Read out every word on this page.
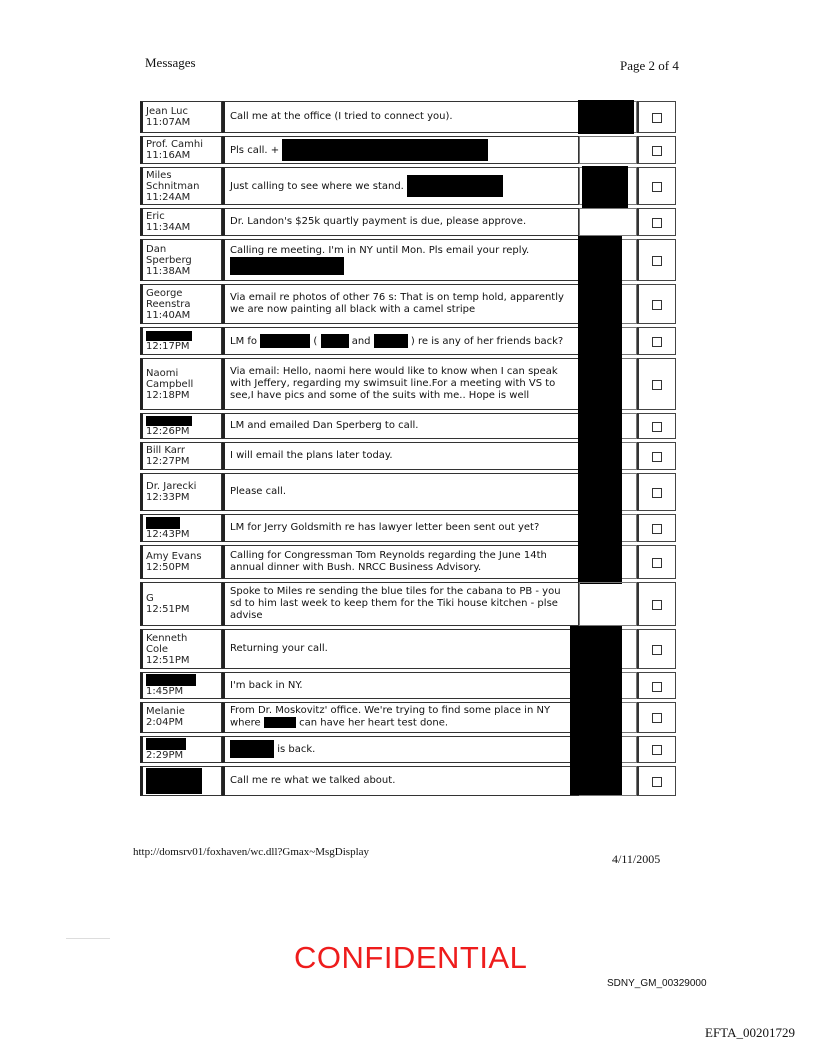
Messages	Page 2 of 4
Jean Luc
11:07AM	Call me at the office (I tried to connect you).	

Prof. Camhi
11:16AM	Pls call. +		

Miles
Schnitman
11:24AM	Just calling to see where we stand.	

Eric
11:34AM	Dr. Landon's $25k quartly payment is due, please approve.		

Dan
Sperberg
11:38AM	Calling re meeting. I'm in NY until Mon. Pls email your reply.

George
Reenstra
11:40AM	Via email re photos of other 76 s: That is on temp hold, apparently we are now painting all black with a camel stripe	

12:17PM	LM fo ( and ) re is any of her friends back?	

Naomi
Campbell
12:18PM	Via email: Hello, naomi here would like to know when I can speak with Jeffery, regarding my swimsuit line.For a meeting with VS to see,I have pics and some of the suits with me.. Hope is well	

12:26PM	LM and emailed Dan Sperberg to call.	

Bill Karr
12:27PM	I will email the plans later today.	

Dr. Jarecki
12:33PM	Please call.	

12:43PM	LM for Jerry Goldsmith re has lawyer letter been sent out yet?	

Amy Evans
12:50PM	Calling for Congressman Tom Reynolds regarding the June 14th annual dinner with Bush. NRCC Business Advisory.	

G
12:51PM	Spoke to Miles re sending the blue tiles for the cabana to PB - you sd to him last week to keep them for the Tiki house kitchen - plse advise		

Kenneth
Cole
12:51PM	Returning your call.	

1:45PM	I'm back in NY.	

Melanie
2:04PM	From Dr. Moskovitz' office. We're trying to find some place in NY where can have her heart test done.	

2:29PM	is back.	

	Call me re what we talked about.	

http://domsrv01/foxhaven/wc.dll?Gmax~MsgDisplay	4/11/2005
CONFIDENTIAL
SDNY_GM_00329000
EFTA_00201729
